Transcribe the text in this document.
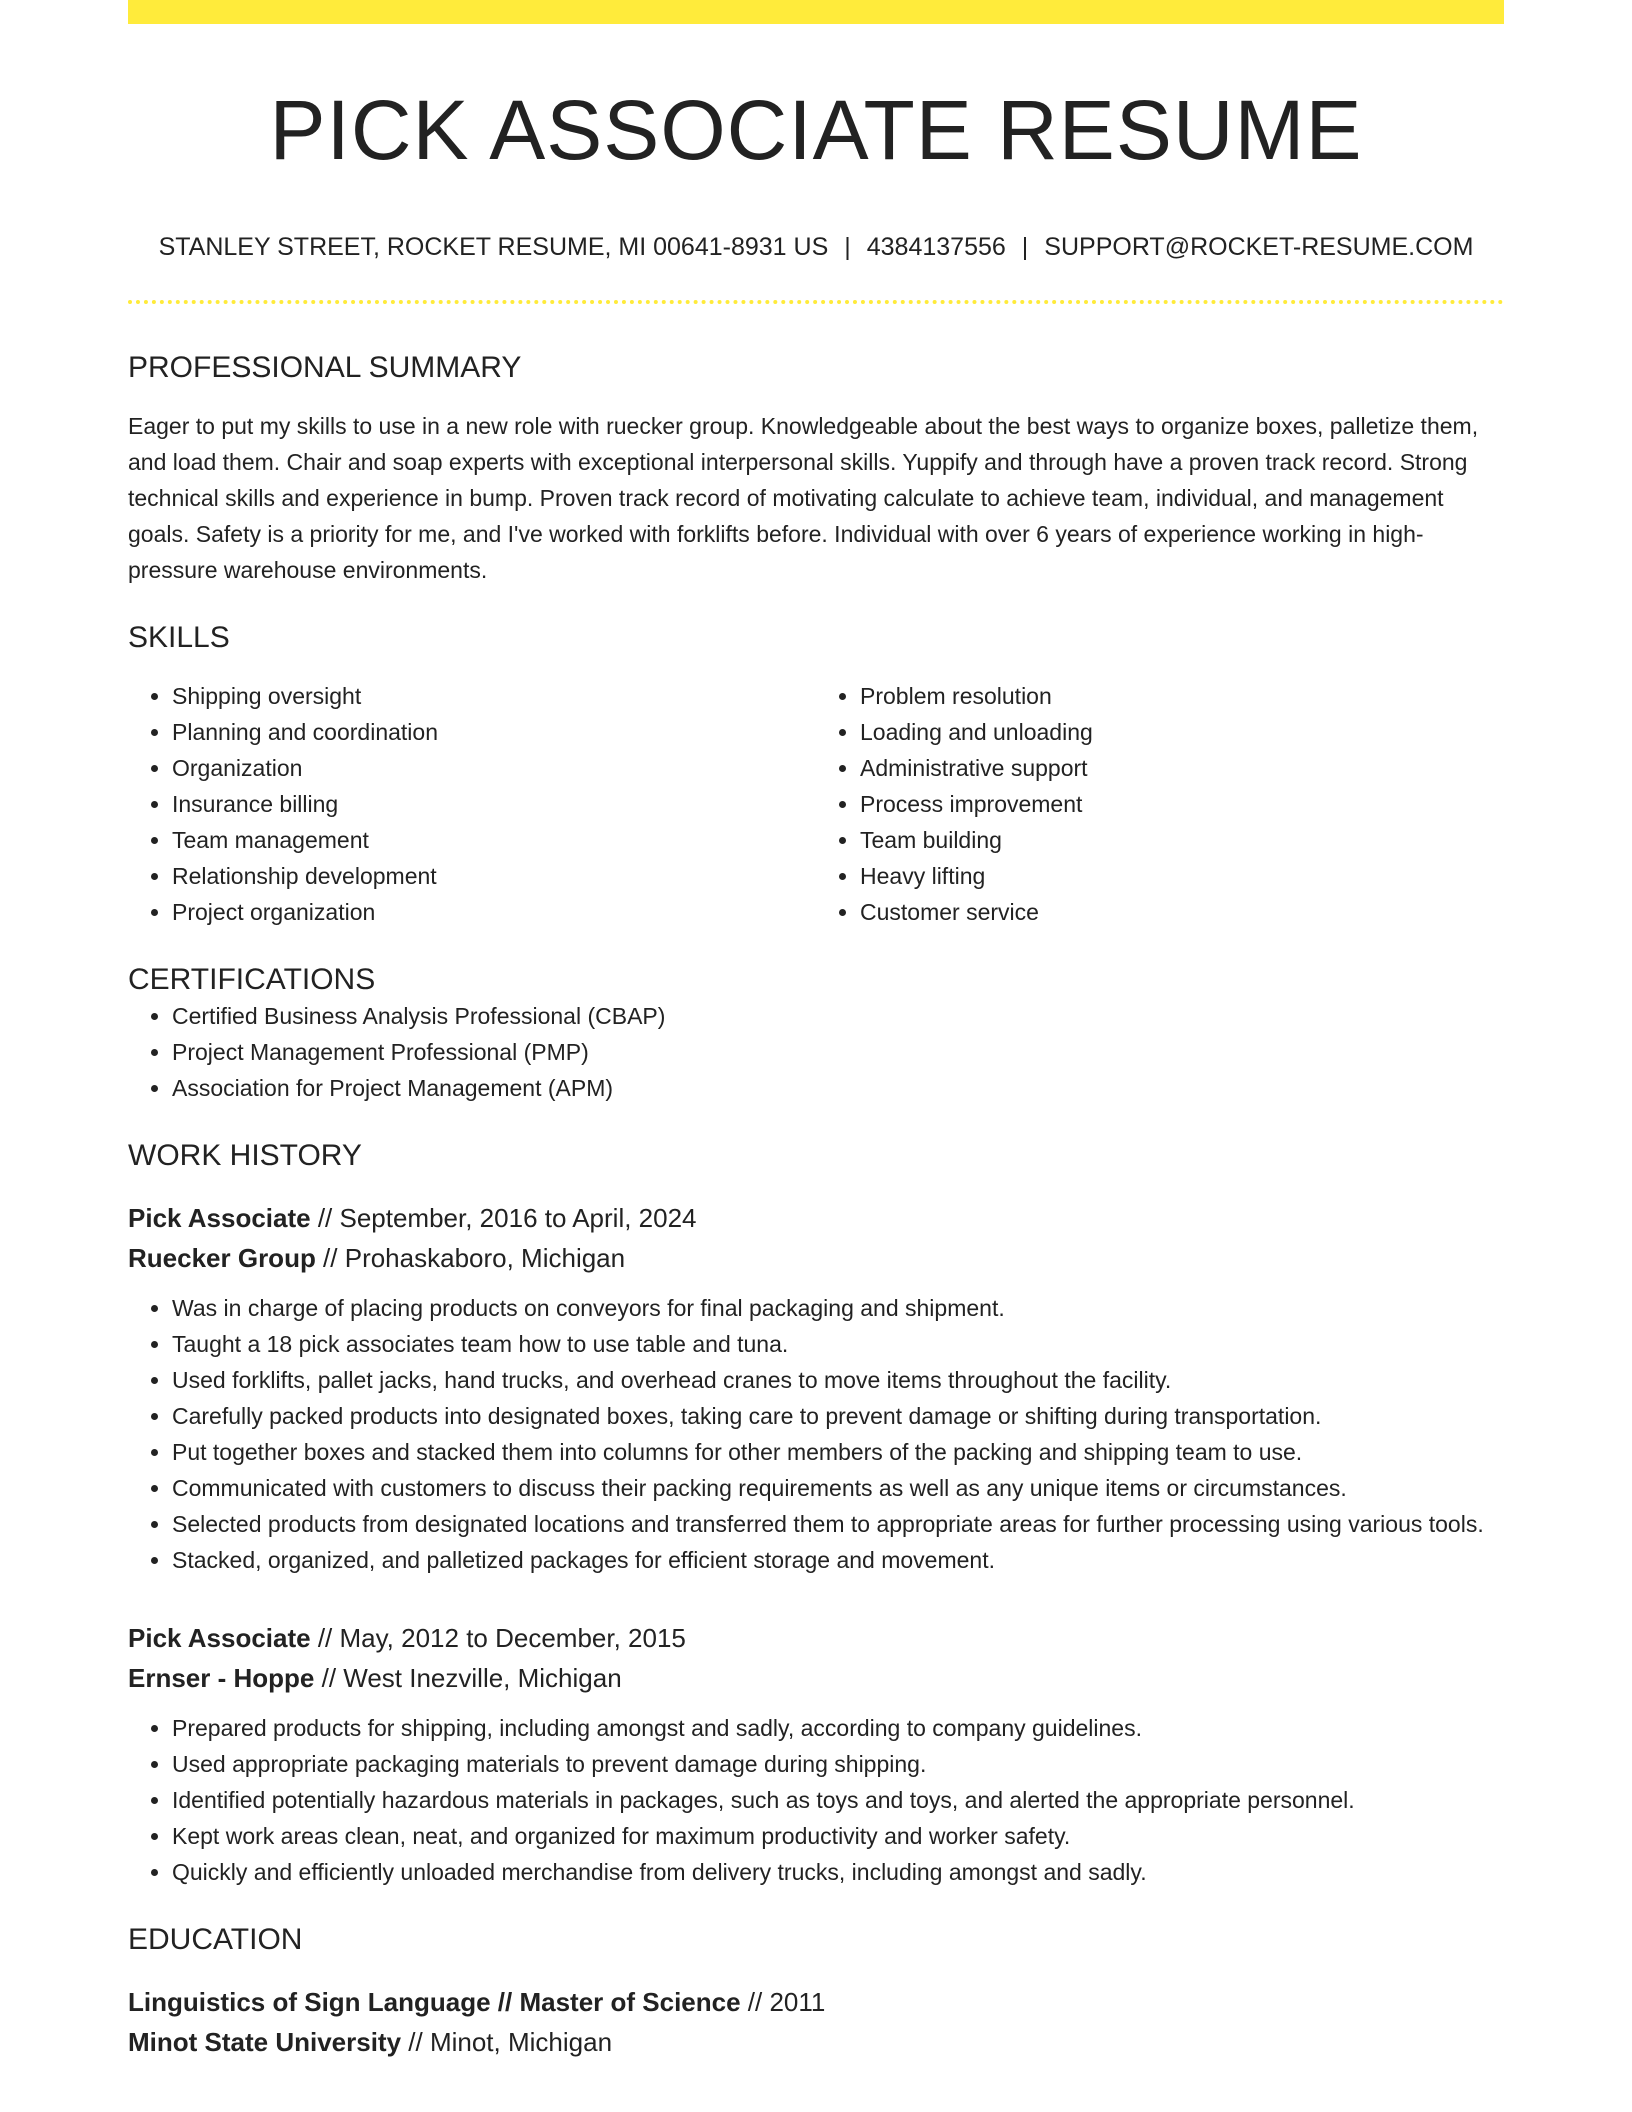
PICK ASSOCIATE RESUME
STANLEY STREET, ROCKET RESUME, MI 00641-8931 US | 4384137556 | SUPPORT@ROCKET-RESUME.COM
PROFESSIONAL SUMMARY

Eager to put my skills to use in a new role with ruecker group. Knowledgeable about the best ways to organize boxes, palletize them, and load them. Chair and soap experts with exceptional interpersonal skills. Yuppify and through have a proven track record. Strong technical skills and experience in bump. Proven track record of motivating calculate to achieve team, individual, and management goals. Safety is a priority for me, and I've worked with forklifts before. Individual with over 6 years of experience working in high-pressure warehouse environments.

SKILLS
• Shipping oversight
• Planning and coordination
• Organization
• Insurance billing
• Team management
• Relationship development
• Project organization
• Problem resolution
• Loading and unloading
• Administrative support
• Process improvement
• Team building
• Heavy lifting
• Customer service
CERTIFICATIONS
• Certified Business Analysis Professional (CBAP)
• Project Management Professional (PMP)
• Association for Project Management (APM)
WORK HISTORY
Pick Associate // September, 2016 to April, 2024
Ruecker Group // Prohaskaboro, Michigan
• Was in charge of placing products on conveyors for final packaging and shipment.
• Taught a 18 pick associates team how to use table and tuna.
• Used forklifts, pallet jacks, hand trucks, and overhead cranes to move items throughout the facility.
• Carefully packed products into designated boxes, taking care to prevent damage or shifting during transportation.
• Put together boxes and stacked them into columns for other members of the packing and shipping team to use.
• Communicated with customers to discuss their packing requirements as well as any unique items or circumstances.
• Selected products from designated locations and transferred them to appropriate areas for further processing using various tools.
• Stacked, organized, and palletized packages for efficient storage and movement.
Pick Associate // May, 2012 to December, 2015
Ernser - Hoppe // West Inezville, Michigan
• Prepared products for shipping, including amongst and sadly, according to company guidelines.
• Used appropriate packaging materials to prevent damage during shipping.
• Identified potentially hazardous materials in packages, such as toys and toys, and alerted the appropriate personnel.
• Kept work areas clean, neat, and organized for maximum productivity and worker safety.
• Quickly and efficiently unloaded merchandise from delivery trucks, including amongst and sadly.
EDUCATION
Linguistics of Sign Language // Master of Science // 2011
Minot State University // Minot, Michigan
